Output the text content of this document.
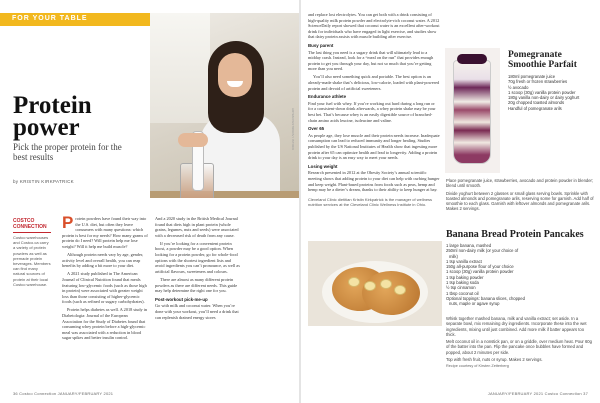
FOR YOUR TABLE
ARTEM PESTRIKOV / ISTOCK
Protein
power
Pick the proper protein for the best results
by KRISTIN KIRKPATRICK
COSTCO
CONNECTION
Costco warehouses and Costco.ca carry a variety of protein powders as well as premade protein beverages. Members can find many natural sources of protein at their local Costco warehouse.

Protein powders have found their way into the U.S. diet, but often they leave consumers with many questions: which protein is best for my needs? How many grams of protein do I need? Will protein help me lose weight? Will it help me build muscle?

Although protein needs vary by age, gender, activity level and overall health, you can reap benefits by adding a bit more to your diet.

A 2021 study published in The American Journal of Clinical Nutrition found that meals featuring low-glycemic foods (such as those high in protein) were associated with greater weight loss than those consisting of higher-glycemic foods (such as refined or sugary carbohydrates).

Protein helps diabetes as well. A 2018 study in Diabetologia: Journal of the European Association for the Study of Diabetes found that consuming whey protein before a high-glycemic meal was associated with a reduction in blood sugar spikes and better insulin control.

And a 2020 study in the British Medical Journal found that diets high in plant protein (whole grains, legumes, nuts and seeds) were associated with a decreased risk of death from any cause.

If you’re looking for a convenient protein boost, a powder may be a good option. When looking for a protein powder, go for whole-food options with the shortest ingredient lists and avoid ingredients you can’t pronounce, as well as artificial flavours, sweeteners and colours.

There are almost as many different protein powders as there are different needs. This guide may help determine the right one for you.

Post-workout pick-me-up

Go with milk and coconut water. When you’re done with your workout, you’ll need a drink that can replenish drained energy stores

and replace lost electrolytes. You can get both with a drink consisting of high-quality milk protein powder and electrolyte-rich coconut water. A 2012 ScienceDaily report showed that coconut water is an excellent after-workout drink for individuals who have engaged in light exercise, and studies show that dairy protein assists with muscle building after exercise.

Busy parent

The last thing you need is a sugary drink that will ultimately lead to a midday crash. Instead, look for a “meal on the run” that provides enough protein to get you through your day, but not so much that you’re getting more than you need.

You’ll also need something quick and portable. The best option is an already-made shake that’s delicious, low-calorie, loaded with plant-powered protein and devoid of artificial sweeteners.

Endurance athlete

Find your fuel with whey. If you’re working out hard during a long run or for a consistent-down drink afterwards, a whey protein shake may be your best bet. That’s because whey is an easily digestible source of branched-chain amino acids leucine, isoleucine and valine.

Over 65

As people age, they lose muscle and their protein needs increase. Inadequate consumption can lead to reduced immunity and longer healing. Studies published by the US National Institutes of Health show that ingesting more protein after 65 can optimize health and lead to longevity. Adding a protein drink to your day is an easy way to meet your needs.

Losing weight

Research presented in 2012 at the Obesity Society’s annual scientific meeting shows that adding protein to your diet can help with curbing hunger and keep weight. Plant-based proteins from foods such as peas, hemp and hemp may be a dieter’s dream, thanks to their ability to keep hunger at bay.

Cleveland Clinic dietitian Kristin Kirkpatrick is the manager of wellness nutrition services at the Cleveland Clinic Wellness Institute in Ohio.

Pomegranate Smoothie Parfait
180ml pomegranate juice
70g fresh or frozen strawberries
½ avocado
1 scoop (30g) vanilla protein powder
180g vanilla non-dairy or dairy yoghurt
20g chopped toasted almonds
Handful of pomegranate arils

Place pomegranate juice, strawberries, avocado and protein powder in blender; blend until smooth.

Divide yoghurt between 2 glasses or small glass serving bowls. Sprinkle with toasted almonds and pomegranate arils, reserving some for garnish. Add half of smoothie to each glass. Garnish with leftover almonds and pomegranate arils. Makes 2 servings.

Banana Bread Protein Pancakes
1 large banana, mashed
250ml non-dairy milk (or your choice of milk)
1 tsp vanilla extract
150g all-purpose flour of your choice
1 scoop (30g) vanilla protein powder
1 tsp baking powder
1 tsp baking soda
½ tsp cinnamon
1 tbsp coconut oil
Optional toppings: banana slices, chopped nuts, maple or agave syrup

Whisk together mashed banana, milk and vanilla extract; set aside. In a separate bowl, mix remaining dry ingredients. Incorporate these into the wet ingredients, mixing until just combined. Add more milk if batter appears too thick.

Melt coconut oil in a nonstick pan, or on a griddle, over medium heat. Pour 60g of the batter into the pan. Flip the pancake once bubbles have formed and popped, about 2 minutes per side.

Top with fresh fruit, nuts or syrup. Makes 2 servings.

Recipe courtesy of Kirsten Zetterberg

36 Costco Connection JANUARY/FEBRUARY 2021	JANUARY/FEBRUARY 2021 Costco Connection 37
